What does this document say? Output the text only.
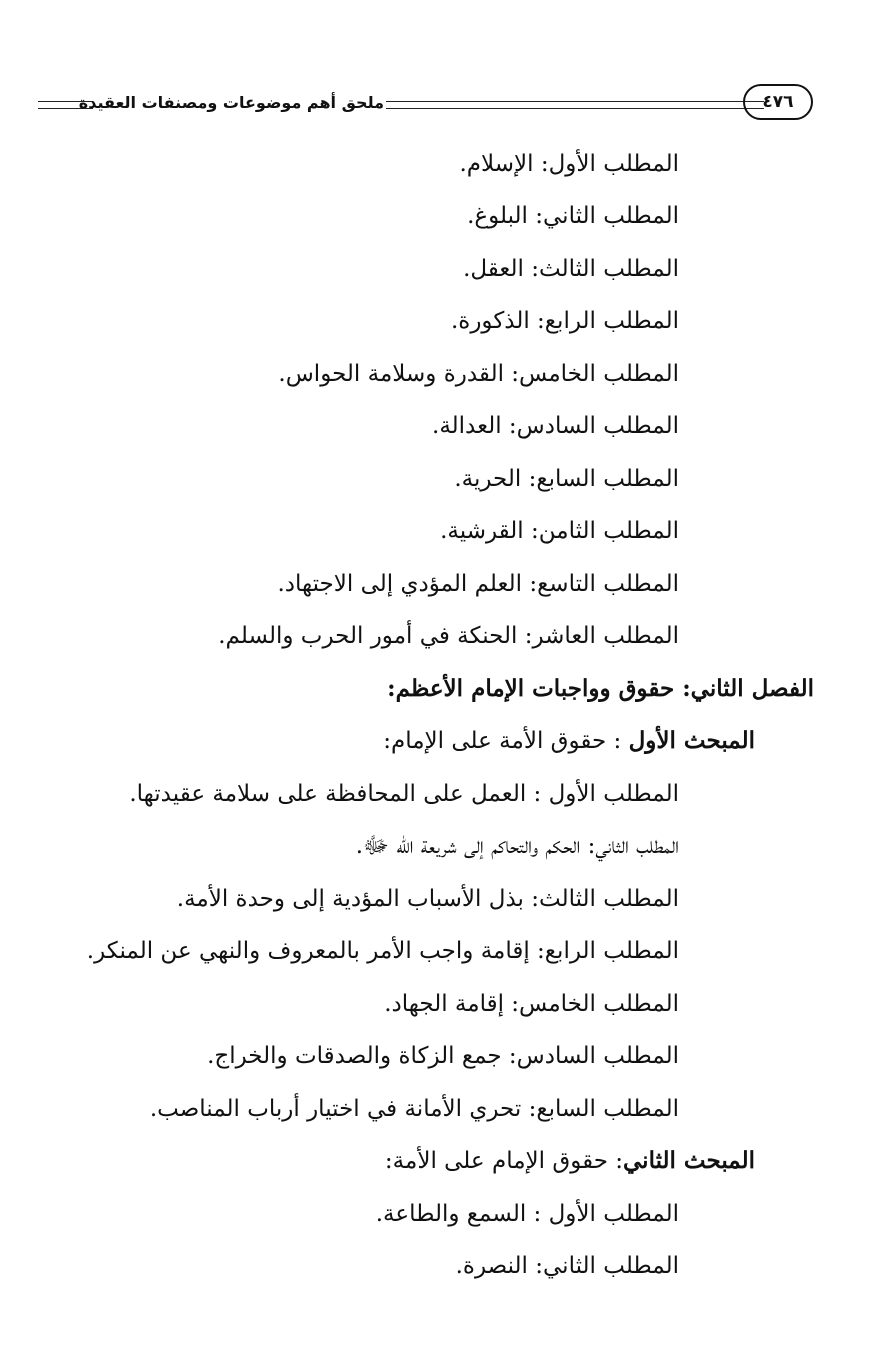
ملحق أهم موضوعات ومصنفات العقيدة	٤٧٦
المطلب الأول: الإسلام.
المطلب الثاني: البلوغ.
المطلب الثالث: العقل.
المطلب الرابع: الذكورة.
المطلب الخامس: القدرة وسلامة الحواس.
المطلب السادس: العدالة.
المطلب السابع: الحرية.
المطلب الثامن: القرشية.
المطلب التاسع: العلم المؤدي إلى الاجتهاد.
المطلب العاشر: الحنكة في أمور الحرب والسلم.
الفصل الثاني: حقوق وواجبات الإمام الأعظم:
المبحث الأول : حقوق الأمة على الإمام:
المطلب الأول : العمل على المحافظة على سلامة عقيدتها.
المطلب الثاني: الحكم والتحاكم إلى شريعة الله ﷻ.
المطلب الثالث: بذل الأسباب المؤدية إلى وحدة الأمة.
المطلب الرابع: إقامة واجب الأمر بالمعروف والنهي عن المنكر.
المطلب الخامس: إقامة الجهاد.
المطلب السادس: جمع الزكاة والصدقات والخراج.
المطلب السابع: تحري الأمانة في اختيار أرباب المناصب.
المبحث الثاني: حقوق الإمام على الأمة:
المطلب الأول : السمع والطاعة.
المطلب الثاني: النصرة.
